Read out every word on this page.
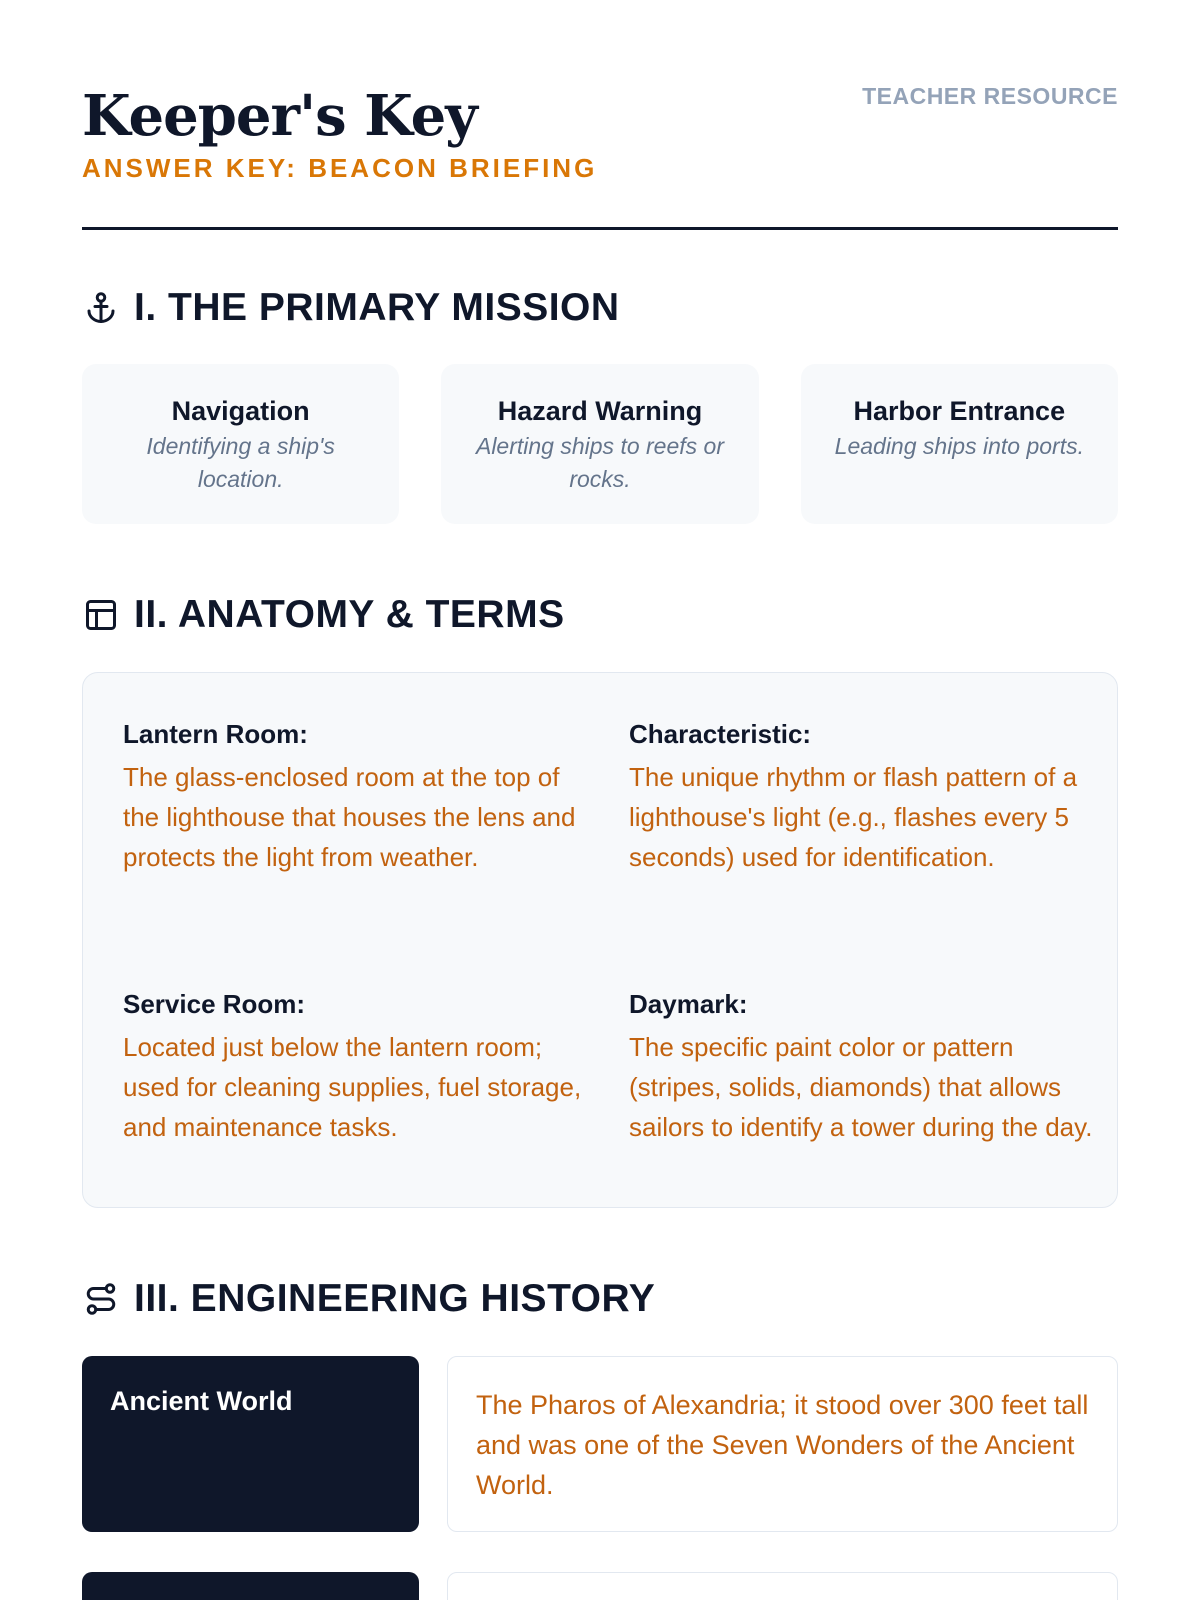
Keeper's Key
ANSWER KEY: BEACON BRIEFING
TEACHER RESOURCE
I. THE PRIMARY MISSION
Navigation
Identifying a ship's location.
Hazard Warning
Alerting ships to reefs or rocks.
Harbor Entrance
Leading ships into ports.
II. ANATOMY & TERMS
Lantern Room:
The glass-enclosed room at the top of the lighthouse that houses the lens and protects the light from weather.
Characteristic:
The unique rhythm or flash pattern of a lighthouse's light (e.g., flashes every 5 seconds) used for identification.
Service Room:
Located just below the lantern room; used for cleaning supplies, fuel storage, and maintenance tasks.
Daymark:
The specific paint color or pattern (stripes, solids, diamonds) that allows sailors to identify a tower during the day.
III. ENGINEERING HISTORY
Ancient World	The Pharos of Alexandria; it stood over 300 feet tall and was one of the Seven Wonders of the Ancient World.
